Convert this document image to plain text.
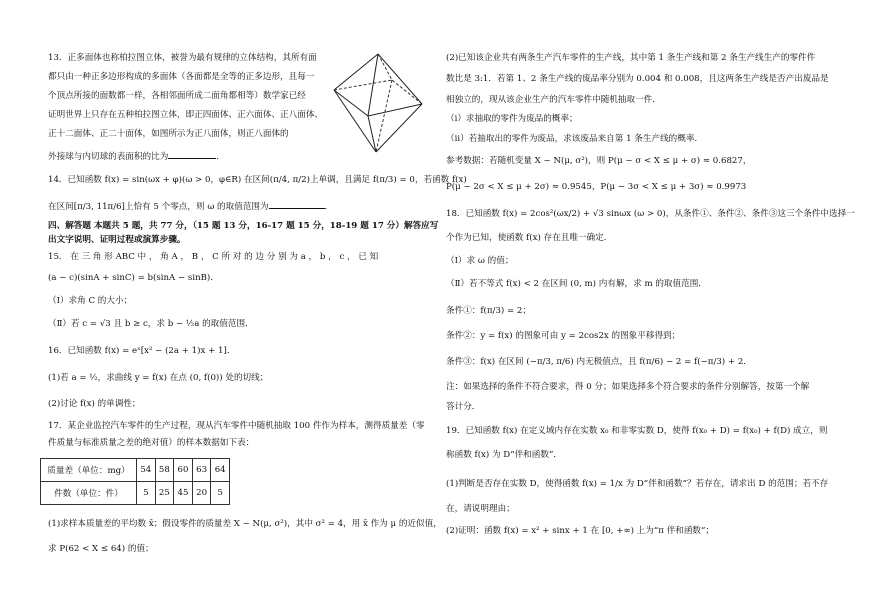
13．正多面体也称柏拉图立体，被誉为最有规律的立体结构，其所有面
都只由一种正多边形构成的多面体（各面都是全等的正多边形，且每一
个顶点所接的面数都一样，各相邻面所成二面角都相等）数学家已经
证明世界上只存在五种柏拉图立体，即正四面体、正六面体、正八面体、
正十二面体、正二十面体，如图所示为正八面体，则正八面体的
外接球与内切球的表面积的比为	．
14．已知函数 f(x) = sin(ωx + φ)(ω > 0，φ∈R) 在区间(π/4, π/2)上单调，且满足 f(π/3) = 0，若函数 f(x)
在区间[π/3, 11π/6]上恰有 5 个零点，则 ω 的取值范围为	．
四、解答题 本题共 5 题，共 77 分，（15 题 13 分，16-17 题 15 分，18-19 题 17 分）解答应写
出文字说明、证明过程或演算步骤。
15． 在 三 角 形 ABC 中 ， 角 A ， B ， C 所 对 的 边 分 别 为 a ， b ， c ， 已 知
(a − c)(sinA + sinC) = b(sinA − sinB)．
（Ⅰ）求角 C 的大小；
（Ⅱ）若 c = √3 且 b ≥ c，求 b − ½a 的取值范围．
16．已知函数 f(x) = eˣ[x² − (2a + 1)x + 1]．
(1)若 a = ½，求曲线 y = f(x) 在点 (0, f(0)) 处的切线；
(2)讨论 f(x) 的单调性；
17．某企业监控汽车零件的生产过程，现从汽车零件中随机抽取 100 件作为样本，测得质量差（零
件质量与标准质量之差的绝对值）的样本数据如下表：
质量差（单位：mg）	54	58	60	63	64
件数（单位：件）	5	25	45	20	5
(1)求样本质量差的平均数 x̄；假设零件的质量差 X ~ N(μ, σ²)，其中 σ² = 4，用 x̄ 作为 μ 的近似值，
求 P(62 < X ≤ 64) 的值；
(2)已知该企业共有两条生产汽车零件的生产线，其中第 1 条生产线和第 2 条生产线生产的零件件
数比是 3:1．若第 1、2 条生产线的废品率分别为 0.004 和 0.008，且这两条生产线是否产出废品是
相独立的，现从该企业生产的汽车零件中随机抽取一件．
（ⅰ）求抽取的零件为废品的概率；
（ⅱ）若抽取出的零件为废品，求该废品来自第 1 条生产线的概率．
参考数据：若随机变量 X ~ N(μ, σ²)，则 P(μ − σ < X ≤ μ + σ) ≈ 0.6827，
P(μ − 2σ < X ≤ μ + 2σ) ≈ 0.9545，P(μ − 3σ < X ≤ μ + 3σ) ≈ 0.9973
18．已知函数 f(x) = 2cos²(ωx/2) + √3 sinωx (ω > 0)，从条件①、条件②、条件③这三个条件中选择一
个作为已知，使函数 f(x) 存在且唯一确定．
（Ⅰ）求 ω 的值；
（Ⅱ）若不等式 f(x) < 2 在区间 (0, m) 内有解，求 m 的取值范围．
条件①：f(π/3) = 2；
条件②：y = f(x) 的图象可由 y = 2cos2x 的图象平移得到；
条件③：f(x) 在区间 (−π/3, π/6) 内无极值点，且 f(π/6) − 2 = f(−π/3) + 2．
注：如果选择的条件不符合要求，得 0 分；如果选择多个符合要求的条件分别解答，按第一个解
答计分．
19．已知函数 f(x) 在定义域内存在实数 x₀ 和非零实数 D，使得 f(x₀ + D) = f(x₀) + f(D) 成立，则
称函数 f(x) 为 D“伴和函数”．
(1)判断是否存在实数 D，使得函数 f(x) = 1/x 为 D“伴和函数”？若存在，请求出 D 的范围；若不存
在，请说明理由；
(2)证明：函数 f(x) = x² + sinx + 1 在 [0, +∞) 上为“π 伴和函数”；
